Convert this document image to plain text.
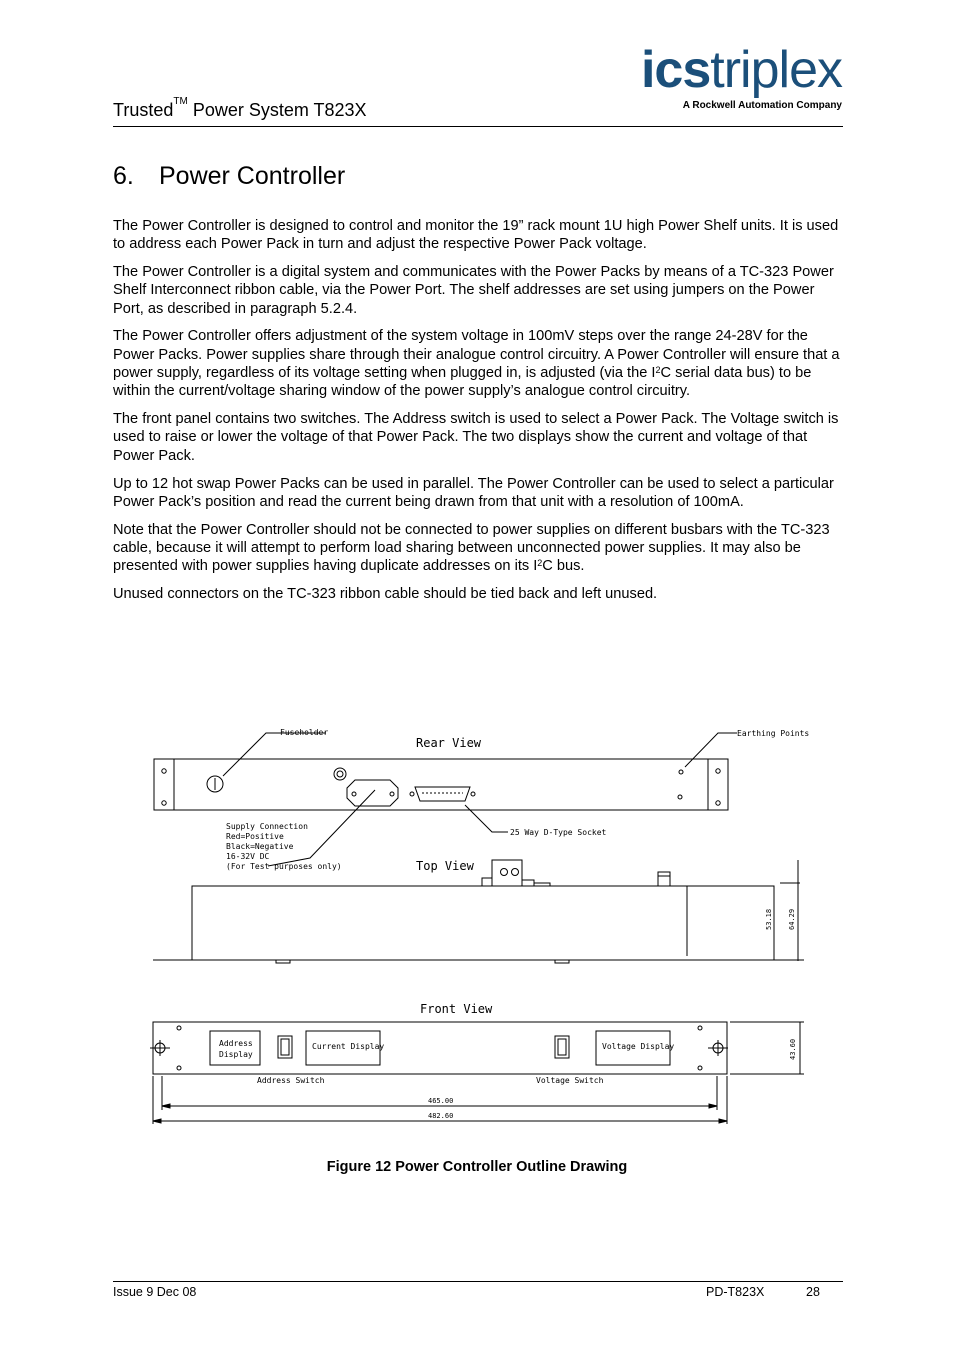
Trusted™ Power System T823X
icstriplex
A Rockwell Automation Company
6. Power Controller

The Power Controller is designed to control and monitor the 19” rack mount 1U high Power Shelf units. It is used to address each Power Pack in turn and adjust the respective Power Pack voltage.

The Power Controller is a digital system and communicates with the Power Packs by means of a TC-323 Power Shelf Interconnect ribbon cable, via the Power Port. The shelf addresses are set using jumpers on the Power Port, as described in paragraph 5.2.4.

The Power Controller offers adjustment of the system voltage in 100mV steps over the range 24-28V for the Power Packs. Power supplies share through their analogue control circuitry. A Power Controller will ensure that a power supply, regardless of its voltage setting when plugged in, is adjusted (via the $I^2C$ serial data bus) to be within the current/voltage sharing window of the power supply’s analogue control circuitry.

The front panel contains two switches. The Address switch is used to select a Power Pack. The Voltage switch is used to raise or lower the voltage of that Power Pack. The two displays show the current and voltage of that Power Pack.

Up to 12 hot swap Power Packs can be used in parallel. The Power Controller can be used to select a particular Power Pack’s position and read the current being drawn from that unit with a resolution of 100mA.

Note that the Power Controller should not be connected to power supplies on different busbars with the TC-323 cable, because it will attempt to perform load sharing between unconnected power supplies. It may also be presented with power supplies having duplicate addresses on its $I^2C$ bus.

Unused connectors on the TC-323 ribbon cable should be tied back and left unused.

Rear View
Fuseholder	Earthing Points
25 Way D-Type Socket
Supply Connection
Red=Positive
Black=Negative
16-32V DC
(For Test purposes only)	Top View
53.18 64.29
Front View
Address
Display
Current Display	Voltage Display
Address Switch	Voltage Switch
465.00
482.60
43.60
Figure 12 Power Controller Outline Drawing
Issue 9 Dec 08	PD-T823X	28
